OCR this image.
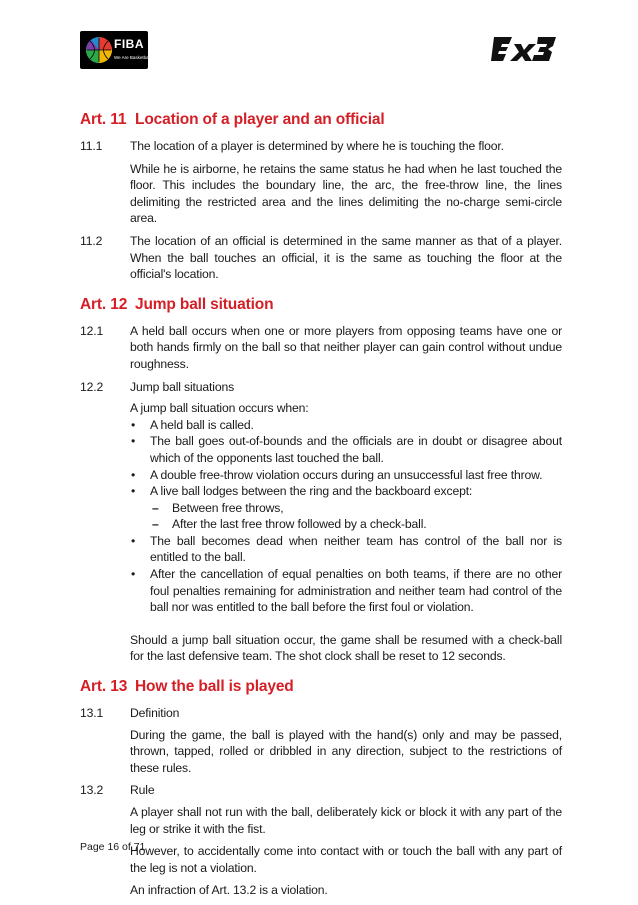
FIBA
We Are Basketball
Art. 11 Location of a player and an official
11.1	The location of a player is determined by where he is touching the floor.
While he is airborne, he retains the same status he had when he last touched the floor. This includes the boundary line, the arc, the free-throw line, the lines delimiting the restricted area and the lines delimiting the no-charge semi-circle area.
11.2	The location of an official is determined in the same manner as that of a player. When the ball touches an official, it is the same as touching the floor at the official's location.
Art. 12 Jump ball situation
12.1	A held ball occurs when one or more players from opposing teams have one or both hands firmly on the ball so that neither player can gain control without undue roughness.
12.2	Jump ball situations
A jump ball situation occurs when:
• A held ball is called.
• The ball goes out-of-bounds and the officials are in doubt or disagree about which of the opponents last touched the ball.
• A double free-throw violation occurs during an unsuccessful last free throw.
• A live ball lodges between the ring and the backboard except:
– Between free throws,
– After the last free throw followed by a check-ball.
• The ball becomes dead when neither team has control of the ball nor is entitled to the ball.
• After the cancellation of equal penalties on both teams, if there are no other foul penalties remaining for administration and neither team had control of the ball nor was entitled to the ball before the first foul or violation.
Should a jump ball situation occur, the game shall be resumed with a check-ball for the last defensive team. The shot clock shall be reset to 12 seconds.
Art. 13 How the ball is played
13.1	Definition
During the game, the ball is played with the hand(s) only and may be passed, thrown, tapped, rolled or dribbled in any direction, subject to the restrictions of these rules.
13.2	Rule
A player shall not run with the ball, deliberately kick or block it with any part of the leg or strike it with the fist.
However, to accidentally come into contact with or touch the ball with any part of the leg is not a violation.
An infraction of Art. 13.2 is a violation.
Page 16 of 71
